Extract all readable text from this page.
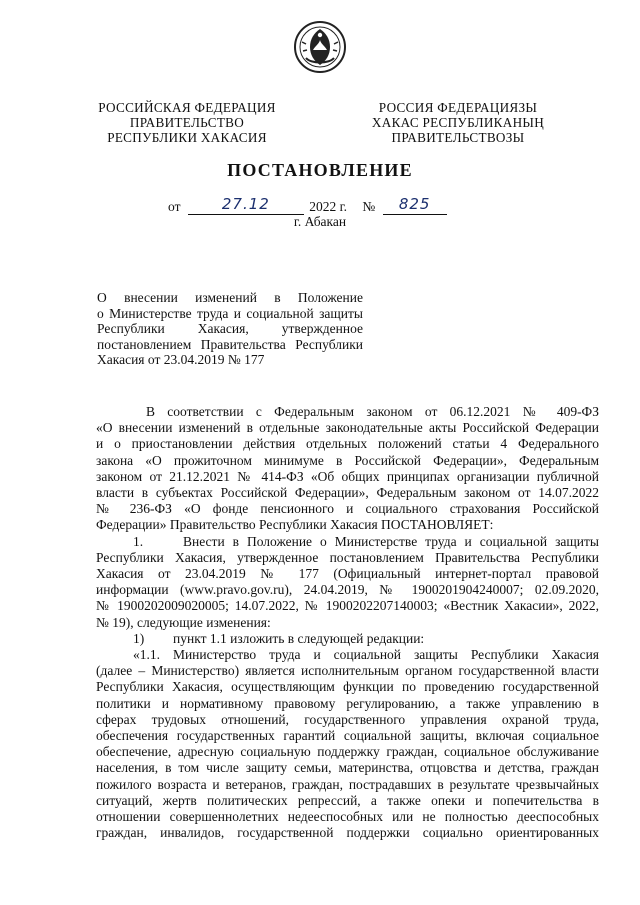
РОССИЙСКАЯ ФЕДЕРАЦИЯ
ПРАВИТЕЛЬСТВО
РЕСПУБЛИКИ ХАКАСИЯ
РОССИЯ ФЕДЕРАЦИЯЗЫ
ХАКАС РЕСПУБЛИКАНЫҢ
ПРАВИТЕЛЬСТВОЗЫ
ПОСТАНОВЛЕНИЕ
от	27.12	2022 г. №	825
г. Абакан
О внесении изменений в Положение
о Министерстве труда и социальной защиты
Республики Хакасия, утвержденное
постановлением Правительства Республики
Хакасия от 23.04.2019 № 177
В соответствии с Федеральным законом от 06.12.2021 № 409-ФЗ
«О внесении изменений в отдельные законодательные акты Российской Федерации
и о приостановлении действия отдельных положений статьи 4 Федерального
закона «О прожиточном минимуме в Российской Федерации», Федеральным
законом от 21.12.2021 № 414-ФЗ «Об общих принципах организации публичной
власти в субъектах Российской Федерации», Федеральным законом от 14.07.2022
№ 236-ФЗ «О фонде пенсионного и социального страхования Российской
Федерации» Правительство Республики Хакасия ПОСТАНОВЛЯЕТ:
1.	Внести в Положение о Министерстве труда и социальной защиты
Республики Хакасия, утвержденное постановлением Правительства Республики
Хакасия от 23.04.2019 № 177 (Официальный интернет-портал правовой
информации (www.pravo.gov.ru), 24.04.2019, № 1900201904240007; 02.09.2020,
№ 1900202009020005; 14.07.2022, № 1900202207140003; «Вестник Хакасии», 2022,
№ 19), следующие изменения:
1) пункт 1.1 изложить в следующей редакции:
«1.1. Министерство труда и социальной защиты Республики Хакасия
(далее – Министерство) является исполнительным органом государственной власти
Республики Хакасия, осуществляющим функции по проведению государственной
политики и нормативному правовому регулированию, а также управлению в
сферах трудовых отношений, государственного управления охраной труда,
обеспечения государственных гарантий социальной защиты, включая социальное
обеспечение, адресную социальную поддержку граждан, социальное обслуживание
населения, в том числе защиту семьи, материнства, отцовства и детства, граждан
пожилого возраста и ветеранов, граждан, пострадавших в результате чрезвычайных
ситуаций, жертв политических репрессий, а также опеки и попечительства в
отношении совершеннолетних недееспособных или не полностью дееспособных
граждан, инвалидов, государственной поддержки социально ориентированных
